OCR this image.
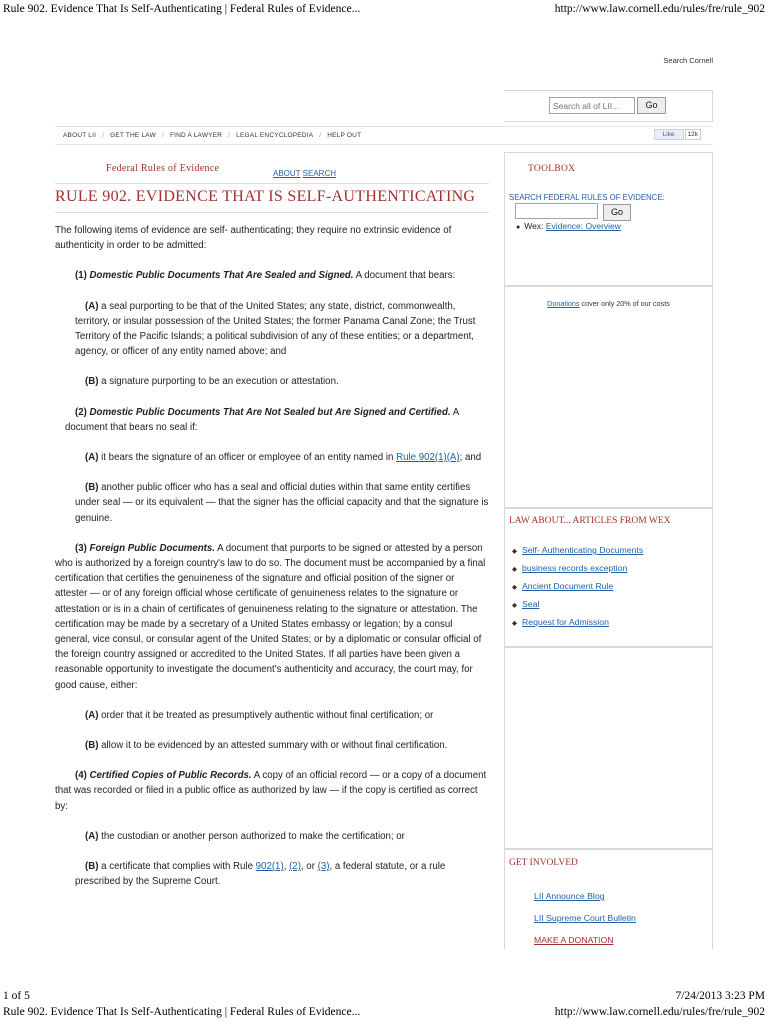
Rule 902. Evidence That Is Self-Authenticating | Federal Rules of Evidence...	http://www.law.cornell.edu/rules/fre/rule_902
Search Cornell
Search all of LII...
Go
ABOUT LII / GET THE LAW / FIND A LAWYER / LEGAL ENCYCLOPEDIA / HELP OUT	Like 12k
Federal Rules of Evidence	ABOUT SEARCH
RULE 902. EVIDENCE THAT IS SELF-AUTHENTICATING

The following items of evidence are self- authenticating; they require no extrinsic evidence of authenticity in order to be admitted:

(1) Domestic Public Documents That Are Sealed and Signed. A document that bears:

(A) a seal purporting to be that of the United States; any state, district, commonwealth, territory, or insular possession of the United States; the former Panama Canal Zone; the Trust Territory of the Pacific Islands; a political subdivision of any of these entities; or a department, agency, or officer of any entity named above; and

(B) a signature purporting to be an execution or attestation.

(2) Domestic Public Documents That Are Not Sealed but Are Signed and Certified. A document that bears no seal if:

(A) it bears the signature of an officer or employee of an entity named in Rule 902(1)(A); and

(B) another public officer who has a seal and official duties within that same entity certifies under seal — or its equivalent — that the signer has the official capacity and that the signature is genuine.

(3) Foreign Public Documents. A document that purports to be signed or attested by a person who is authorized by a foreign country's law to do so. The document must be accompanied by a final certification that certifies the genuineness of the signature and official position of the signer or attester — or of any foreign official whose certificate of genuineness relates to the signature or attestation or is in a chain of certificates of genuineness relating to the signature or attestation. The certification may be made by a secretary of a United States embassy or legation; by a consul general, vice consul, or consular agent of the United States; or by a diplomatic or consular official of the foreign country assigned or accredited to the United States. If all parties have been given a reasonable opportunity to investigate the document's authenticity and accuracy, the court may, for good cause, either:

(A) order that it be treated as presumptively authentic without final certification; or

(B) allow it to be evidenced by an attested summary with or without final certification.

(4) Certified Copies of Public Records. A copy of an official record — or a copy of a document that was recorded or filed in a public office as authorized by law — if the copy is certified as correct by:

(A) the custodian or another person authorized to make the certification; or

(B) a certificate that complies with Rule 902(1), (2), or (3), a federal statute, or a rule prescribed by the Supreme Court.

TOOLBOX
SEARCH FEDERAL RULES OF EVIDENCE:
Go
● Wex: Evidence: Overview
Donations cover only 20% of our costs
LAW ABOUT... ARTICLES FROM WEX
◆ Self- Authenticating Documents
◆ business records exception
◆ Ancient Document Rule
◆ Seal
◆ Request for Admission
GET INVOLVED
LII Announce Blog
LII Supreme Court Bulletin
MAKE A DONATION
1 of 5
Rule 902. Evidence That Is Self-Authenticating | Federal Rules of Evidence...
7/24/2013 3:23 PM
http://www.law.cornell.edu/rules/fre/rule_902
